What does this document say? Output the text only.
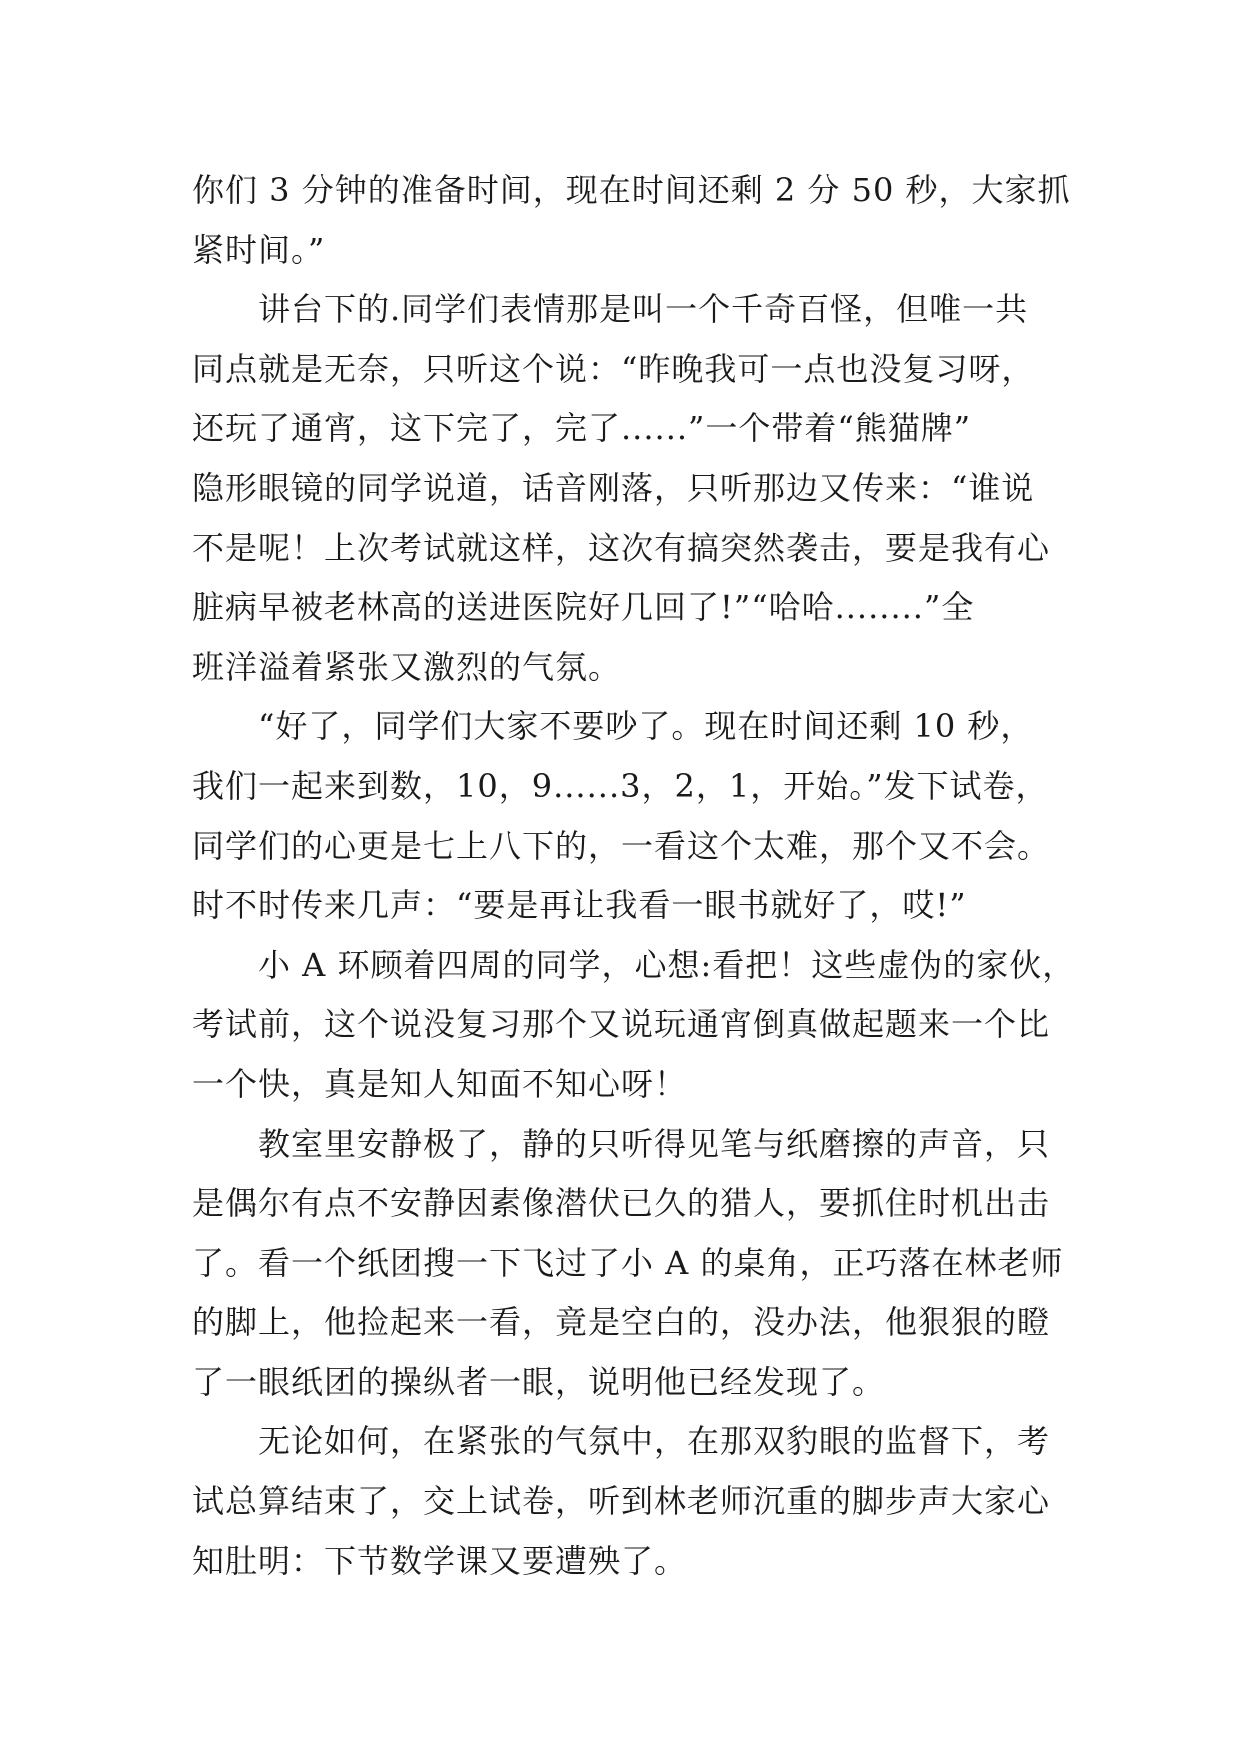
你们 3 分钟的准备时间，现在时间还剩 2 分 50 秒，大家抓
紧时间。”
　　讲台下的.同学们表情那是叫一个千奇百怪，但唯一共
同点就是无奈，只听这个说：“昨晚我可一点也没复习呀，
还玩了通宵，这下完了，完了......”一个带着“熊猫牌”
隐形眼镜的同学说道，话音刚落，只听那边又传来：“谁说
不是呢！上次考试就这样，这次有搞突然袭击，要是我有心
脏病早被老林高的送进医院好几回了!”“哈哈........”全
班洋溢着紧张又激烈的气氛。
　　“好了，同学们大家不要吵了。现在时间还剩 10 秒，
我们一起来到数，10，9......3，2，1，开始。”发下试卷，
同学们的心更是七上八下的，一看这个太难，那个又不会。
时不时传来几声：“要是再让我看一眼书就好了，哎!”
　　小 A 环顾着四周的同学，心想:看把！这些虚伪的家伙，
考试前，这个说没复习那个又说玩通宵倒真做起题来一个比
一个快，真是知人知面不知心呀！
　　教室里安静极了，静的只听得见笔与纸磨擦的声音，只
是偶尔有点不安静因素像潜伏已久的猎人，要抓住时机出击
了。看一个纸团搜一下飞过了小 A 的桌角，正巧落在林老师
的脚上，他捡起来一看，竟是空白的，没办法，他狠狠的瞪
了一眼纸团的操纵者一眼，说明他已经发现了。
　　无论如何，在紧张的气氛中，在那双豹眼的监督下，考
试总算结束了，交上试卷，听到林老师沉重的脚步声大家心
知肚明：下节数学课又要遭殃了。
